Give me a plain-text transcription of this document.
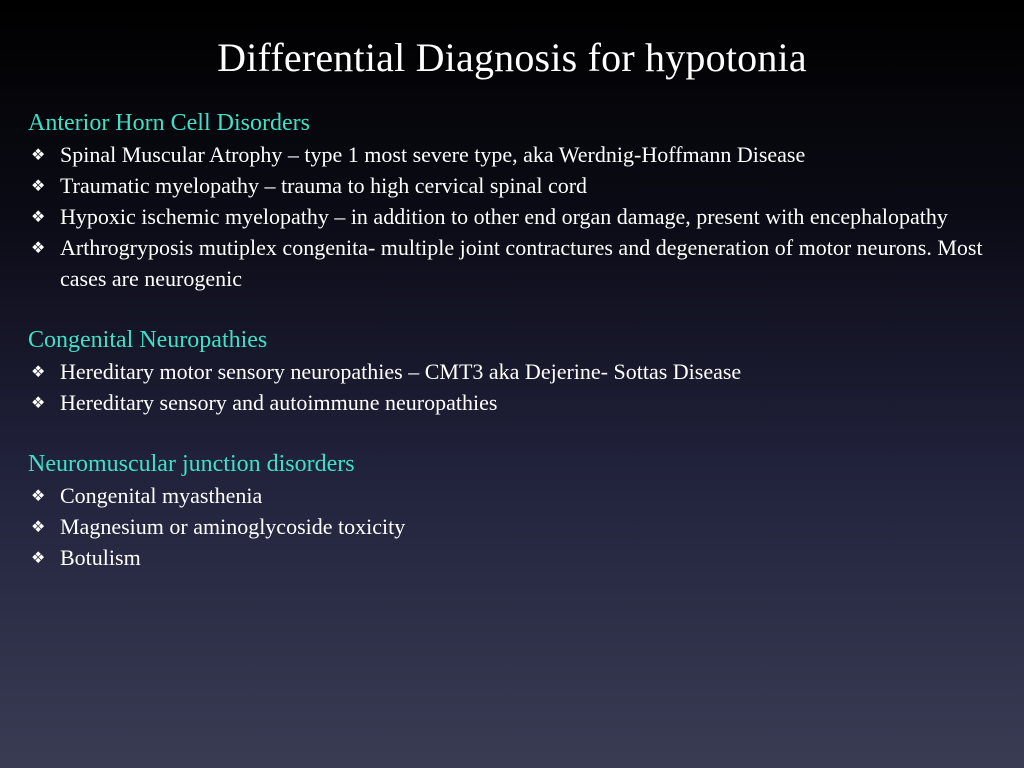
Differential Diagnosis for hypotonia
Anterior Horn Cell Disorders
❖ Spinal Muscular Atrophy – type 1 most severe type, aka Werdnig-Hoffmann Disease
❖ Traumatic myelopathy – trauma to high cervical spinal cord
❖ Hypoxic ischemic myelopathy – in addition to other end organ damage, present with encephalopathy
❖ Arthrogryposis mutiplex congenita- multiple joint contractures and degeneration of motor neurons. Most cases are neurogenic
Congenital Neuropathies
❖ Hereditary motor sensory neuropathies – CMT3 aka Dejerine- Sottas Disease
❖ Hereditary sensory and autoimmune neuropathies
Neuromuscular junction disorders
❖ Congenital myasthenia
❖ Magnesium or aminoglycoside toxicity
❖ Botulism
